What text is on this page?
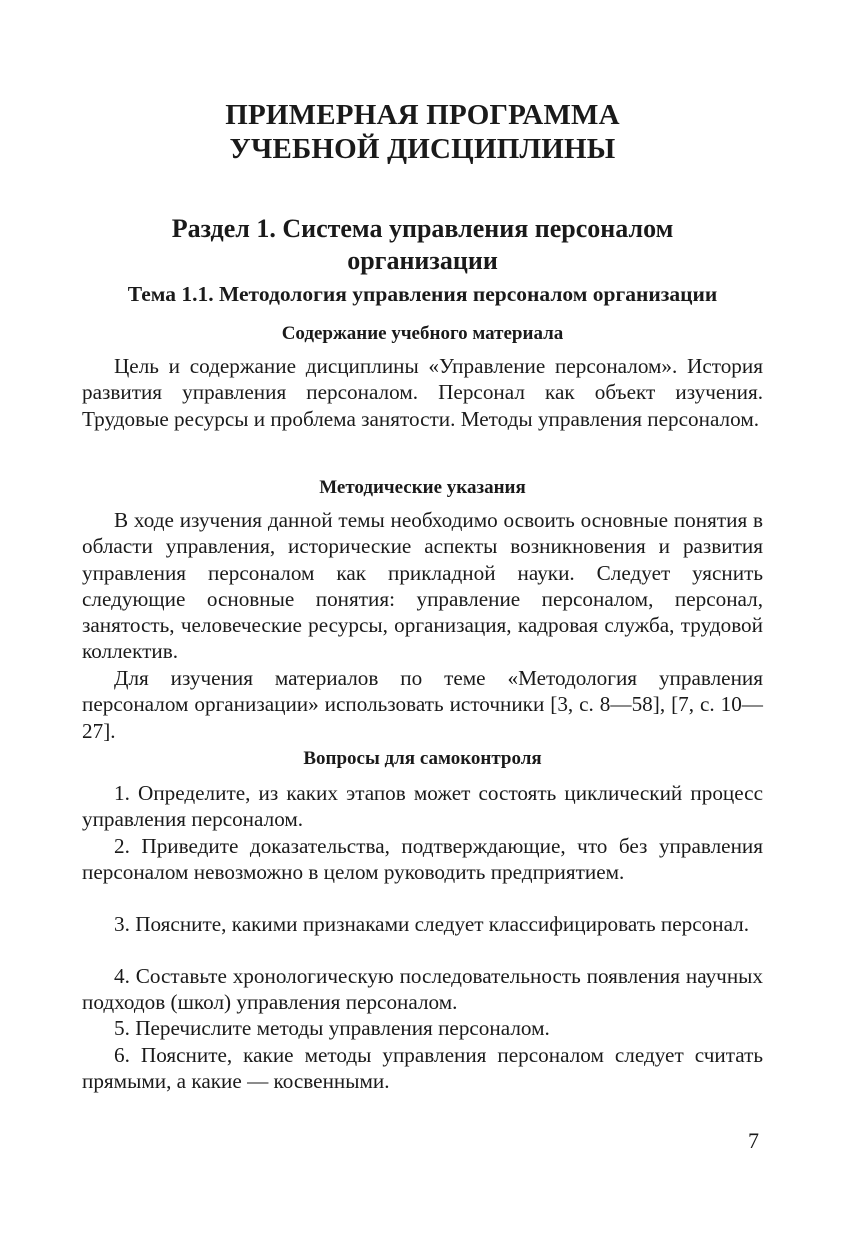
ПРИМЕРНАЯ ПРОГРАММА
УЧЕБНОЙ ДИСЦИПЛИНЫ
Раздел 1. Система управления персоналом
организации
Тема 1.1. Методология управления персоналом организации
Содержание учебного материала

Цель и содержание дисциплины «Управление персоналом». История развития управления персоналом. Персонал как объект изучения. Трудовые ресурсы и проблема занятости. Методы управления персоналом.

Методические указания

В ходе изучения данной темы необходимо освоить основные понятия в области управления, исторические аспекты возникновения и развития управления персоналом как прикладной науки. Следует уяснить следующие основные понятия: управление персоналом, персонал, занятость, человеческие ресурсы, организация, кадровая служба, трудовой коллектив.

Для изучения материалов по теме «Методология управления персоналом организации» использовать источники [3, с. 8—58], [7, с. 10—27].

Вопросы для самоконтроля

1. Определите, из каких этапов может состоять циклический процесс управления персоналом.

2. Приведите доказательства, подтверждающие, что без управления персоналом невозможно в целом руководить предприятием.

3. Поясните, какими признаками следует классифицировать персонал.

4. Составьте хронологическую последовательность появления научных подходов (школ) управления персоналом.

5. Перечислите методы управления персоналом.

6. Поясните, какие методы управления персоналом следует считать прямыми, а какие — косвенными.

7
